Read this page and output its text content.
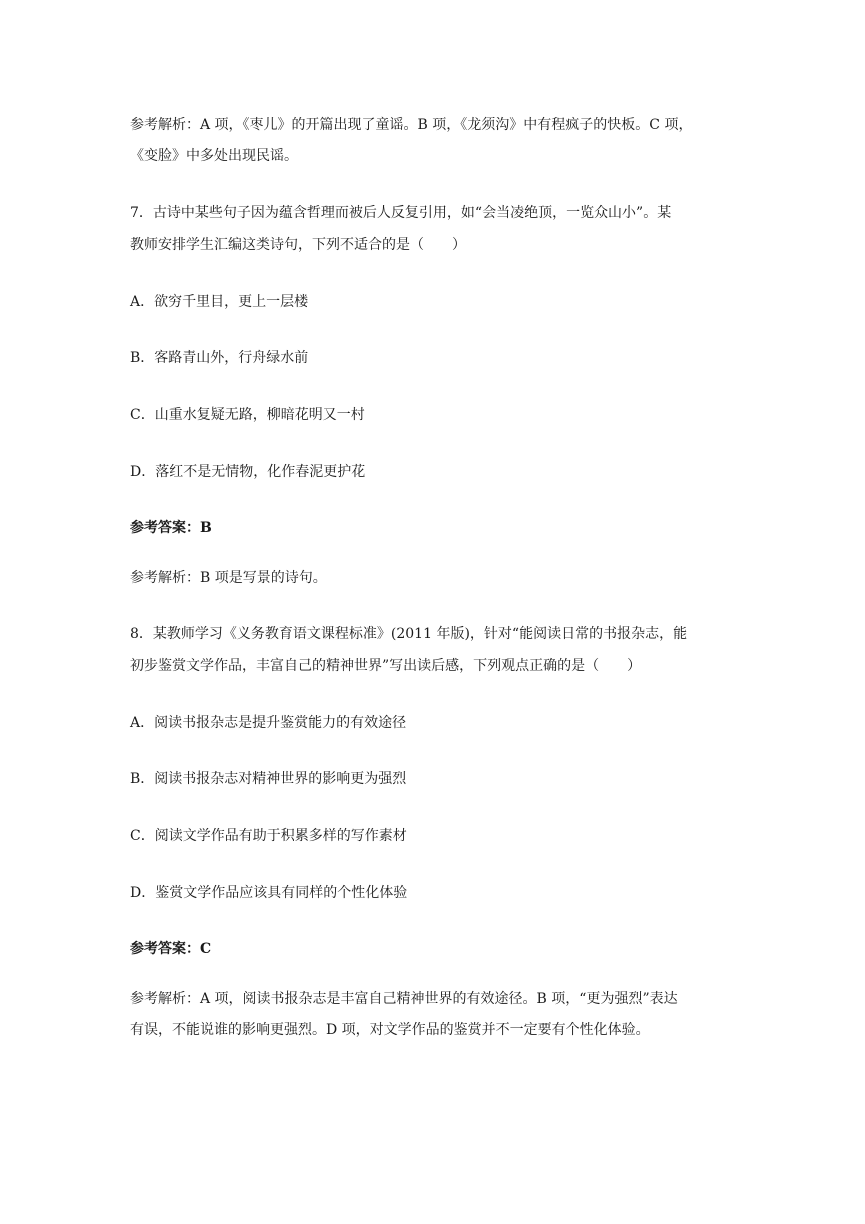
参考解析：A 项，《枣儿》的开篇出现了童谣。B 项，《龙须沟》中有程疯子的快板。C 项，
《变脸》中多处出现民谣。
7．古诗中某些句子因为蕴含哲理而被后人反复引用，如“会当凌绝顶，一览众山小”。某
教师安排学生汇编这类诗句，下列不适合的是（　　）
A．欲穷千里目，更上一层楼
B．客路青山外，行舟绿水前
C．山重水复疑无路，柳暗花明又一村
D．落红不是无情物，化作春泥更护花
参考答案：B
参考解析：B 项是写景的诗句。
8．某教师学习《义务教育语文课程标准》(2011 年版)，针对“能阅读日常的书报杂志，能
初步鉴赏文学作品，丰富自己的精神世界”写出读后感，下列观点正确的是（　　）
A．阅读书报杂志是提升鉴赏能力的有效途径
B．阅读书报杂志对精神世界的影响更为强烈
C．阅读文学作品有助于积累多样的写作素材
D．鉴赏文学作品应该具有同样的个性化体验
参考答案：C
参考解析：A 项，阅读书报杂志是丰富自己精神世界的有效途径。B 项，“更为强烈”表达
有误，不能说谁的影响更强烈。D 项，对文学作品的鉴赏并不一定要有个性化体验。
